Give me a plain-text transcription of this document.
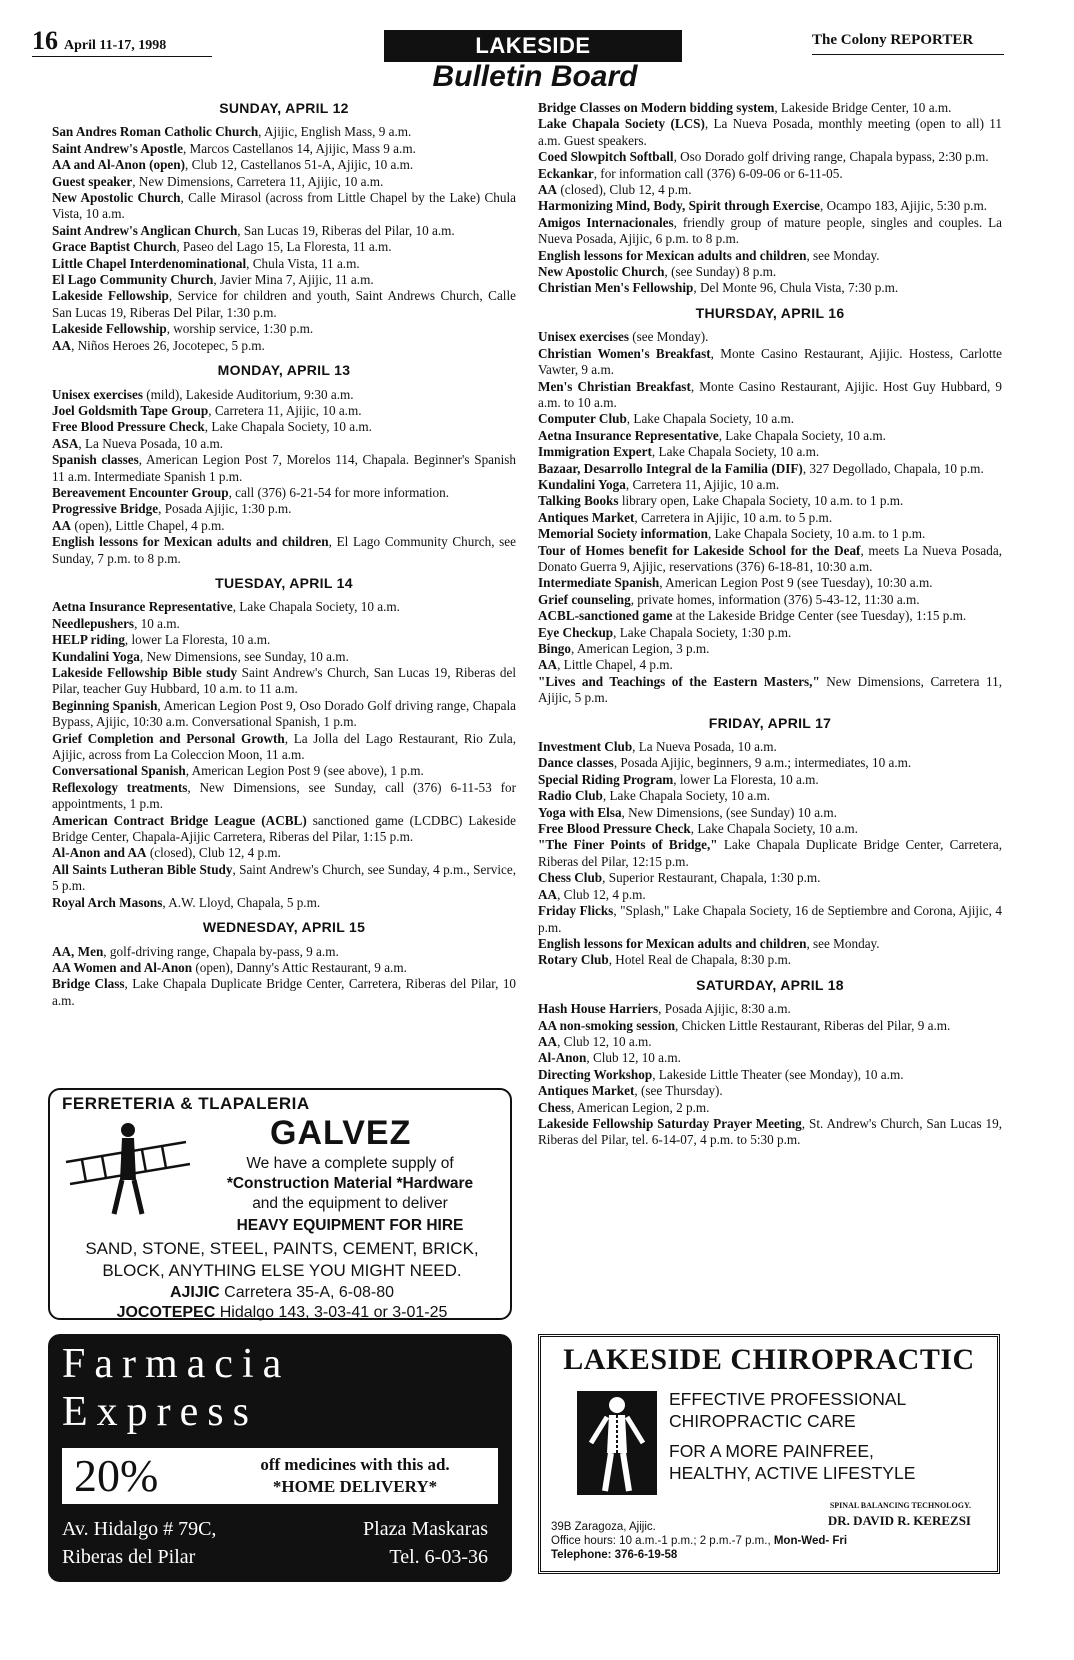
16 April 11-17, 1998	LAKESIDE
Bulletin Board
The Colony REPORTER
SUNDAY, APRIL 12

San Andres Roman Catholic Church, Ajijic, English Mass, 9 a.m.

Saint Andrew's Apostle, Marcos Castellanos 14, Ajijic, Mass 9 a.m.

AA and Al-Anon (open), Club 12, Castellanos 51-A, Ajijic, 10 a.m.

Guest speaker, New Dimensions, Carretera 11, Ajijic, 10 a.m.

New Apostolic Church, Calle Mirasol (across from Little Chapel by the Lake) Chula Vista, 10 a.m.

Saint Andrew's Anglican Church, San Lucas 19, Riberas del Pilar, 10 a.m.

Grace Baptist Church, Paseo del Lago 15, La Floresta, 11 a.m.

Little Chapel Interdenominational, Chula Vista, 11 a.m.

El Lago Community Church, Javier Mina 7, Ajijic, 11 a.m.

Lakeside Fellowship, Service for children and youth, Saint Andrews Church, Calle San Lucas 19, Riberas Del Pilar, 1:30 p.m.

Lakeside Fellowship, worship service, 1:30 p.m.

AA, Niños Heroes 26, Jocotepec, 5 p.m.

MONDAY, APRIL 13

Unisex exercises (mild), Lakeside Auditorium, 9:30 a.m.

Joel Goldsmith Tape Group, Carretera 11, Ajijic, 10 a.m.

Free Blood Pressure Check, Lake Chapala Society, 10 a.m.

ASA, La Nueva Posada, 10 a.m.

Spanish classes, American Legion Post 7, Morelos 114, Chapala. Beginner's Spanish 11 a.m. Intermediate Spanish 1 p.m.

Bereavement Encounter Group, call (376) 6-21-54 for more information.

Progressive Bridge, Posada Ajijic, 1:30 p.m.

AA (open), Little Chapel, 4 p.m.

English lessons for Mexican adults and children, El Lago Community Church, see Sunday, 7 p.m. to 8 p.m.

TUESDAY, APRIL 14

Aetna Insurance Representative, Lake Chapala Society, 10 a.m.

Needlepushers, 10 a.m.

HELP riding, lower La Floresta, 10 a.m.

Kundalini Yoga, New Dimensions, see Sunday, 10 a.m.

Lakeside Fellowship Bible study Saint Andrew's Church, San Lucas 19, Riberas del Pilar, teacher Guy Hubbard, 10 a.m. to 11 a.m.

Beginning Spanish, American Legion Post 9, Oso Dorado Golf driving range, Chapala Bypass, Ajijic, 10:30 a.m. Conversational Spanish, 1 p.m.

Grief Completion and Personal Growth, La Jolla del Lago Restaurant, Rio Zula, Ajijic, across from La Coleccion Moon, 11 a.m.

Conversational Spanish, American Legion Post 9 (see above), 1 p.m.

Reflexology treatments, New Dimensions, see Sunday, call (376) 6-11-53 for appointments, 1 p.m.

American Contract Bridge League (ACBL) sanctioned game (LCDBC) Lakeside Bridge Center, Chapala-Ajijic Carretera, Riberas del Pilar, 1:15 p.m.

Al-Anon and AA (closed), Club 12, 4 p.m.

All Saints Lutheran Bible Study, Saint Andrew's Church, see Sunday, 4 p.m., Service, 5 p.m.

Royal Arch Masons, A.W. Lloyd, Chapala, 5 p.m.

WEDNESDAY, APRIL 15

AA, Men, golf-driving range, Chapala by-pass, 9 a.m.

AA Women and Al-Anon (open), Danny's Attic Restaurant, 9 a.m.

Bridge Class, Lake Chapala Duplicate Bridge Center, Carretera, Riberas del Pilar, 10 a.m.

Bridge Classes on Modern bidding system, Lakeside Bridge Center, 10 a.m.

Lake Chapala Society (LCS), La Nueva Posada, monthly meeting (open to all) 11 a.m. Guest speakers.

Coed Slowpitch Softball, Oso Dorado golf driving range, Chapala bypass, 2:30 p.m.

Eckankar, for information call (376) 6-09-06 or 6-11-05.

AA (closed), Club 12, 4 p.m.

Harmonizing Mind, Body, Spirit through Exercise, Ocampo 183, Ajijic, 5:30 p.m.

Amigos Internacionales, friendly group of mature people, singles and couples. La Nueva Posada, Ajijic, 6 p.m. to 8 p.m.

English lessons for Mexican adults and children, see Monday.

New Apostolic Church, (see Sunday) 8 p.m.

Christian Men's Fellowship, Del Monte 96, Chula Vista, 7:30 p.m.

THURSDAY, APRIL 16

Unisex exercises (see Monday).

Christian Women's Breakfast, Monte Casino Restaurant, Ajijic. Hostess, Carlotte Vawter, 9 a.m.

Men's Christian Breakfast, Monte Casino Restaurant, Ajijic. Host Guy Hubbard, 9 a.m. to 10 a.m.

Computer Club, Lake Chapala Society, 10 a.m.

Aetna Insurance Representative, Lake Chapala Society, 10 a.m.

Immigration Expert, Lake Chapala Society, 10 a.m.

Bazaar, Desarrollo Integral de la Familia (DIF), 327 Degollado, Chapala, 10 p.m.

Kundalini Yoga, Carretera 11, Ajijic, 10 a.m.

Talking Books library open, Lake Chapala Society, 10 a.m. to 1 p.m.

Antiques Market, Carretera in Ajijic, 10 a.m. to 5 p.m.

Memorial Society information, Lake Chapala Society, 10 a.m. to 1 p.m.

Tour of Homes benefit for Lakeside School for the Deaf, meets La Nueva Posada, Donato Guerra 9, Ajijic, reservations (376) 6-18-81, 10:30 a.m.

Intermediate Spanish, American Legion Post 9 (see Tuesday), 10:30 a.m.

Grief counseling, private homes, information (376) 5-43-12, 11:30 a.m.

ACBL-sanctioned game at the Lakeside Bridge Center (see Tuesday), 1:15 p.m.

Eye Checkup, Lake Chapala Society, 1:30 p.m.

Bingo, American Legion, 3 p.m.

AA, Little Chapel, 4 p.m.

"Lives and Teachings of the Eastern Masters," New Dimensions, Carretera 11, Ajijic, 5 p.m.

FRIDAY, APRIL 17

Investment Club, La Nueva Posada, 10 a.m.

Dance classes, Posada Ajijic, beginners, 9 a.m.; intermediates, 10 a.m.

Special Riding Program, lower La Floresta, 10 a.m.

Radio Club, Lake Chapala Society, 10 a.m.

Yoga with Elsa, New Dimensions, (see Sunday) 10 a.m.

Free Blood Pressure Check, Lake Chapala Society, 10 a.m.

"The Finer Points of Bridge," Lake Chapala Duplicate Bridge Center, Carretera, Riberas del Pilar, 12:15 p.m.

Chess Club, Superior Restaurant, Chapala, 1:30 p.m.

AA, Club 12, 4 p.m.

Friday Flicks, "Splash," Lake Chapala Society, 16 de Septiembre and Corona, Ajijic, 4 p.m.

English lessons for Mexican adults and children, see Monday.

Rotary Club, Hotel Real de Chapala, 8:30 p.m.

SATURDAY, APRIL 18

Hash House Harriers, Posada Ajijic, 8:30 a.m.

AA non-smoking session, Chicken Little Restaurant, Riberas del Pilar, 9 a.m.

AA, Club 12, 10 a.m.

Al-Anon, Club 12, 10 a.m.

Directing Workshop, Lakeside Little Theater (see Monday), 10 a.m.

Antiques Market, (see Thursday).

Chess, American Legion, 2 p.m.

Lakeside Fellowship Saturday Prayer Meeting, St. Andrew's Church, San Lucas 19, Riberas del Pilar, tel. 6-14-07, 4 p.m. to 5:30 p.m.

FERRETERIA & TLAPALERIA
GALVEZ
We have a complete supply of
*Construction Material *Hardware
and the equipment to deliver
HEAVY EQUIPMENT FOR HIRE
SAND, STONE, STEEL, PAINTS, CEMENT, BRICK,
BLOCK, ANYTHING ELSE YOU MIGHT NEED.
AJIJIC Carretera 35-A, 6-08-80
JOCOTEPEC Hidalgo 143, 3-03-41 or 3-01-25
Farmacia
Express
20%	off medicines with this ad.
*HOME DELIVERY*
Av. Hidalgo # 79C,	Plaza Maskaras
Riberas del Pilar	Tel. 6-03-36
LAKESIDE CHIROPRACTIC
EFFECTIVE PROFESSIONAL
CHIROPRACTIC CARE
FOR A MORE PAINFREE,
HEALTHY, ACTIVE LIFESTYLE
SPINAL BALANCING TECHNOLOGY.
DR. DAVID R. KEREZSI
39B Zaragoza, Ajijic.
Office hours: 10 a.m.-1 p.m.; 2 p.m.-7 p.m., Mon-Wed- Fri
Telephone: 376-6-19-58
